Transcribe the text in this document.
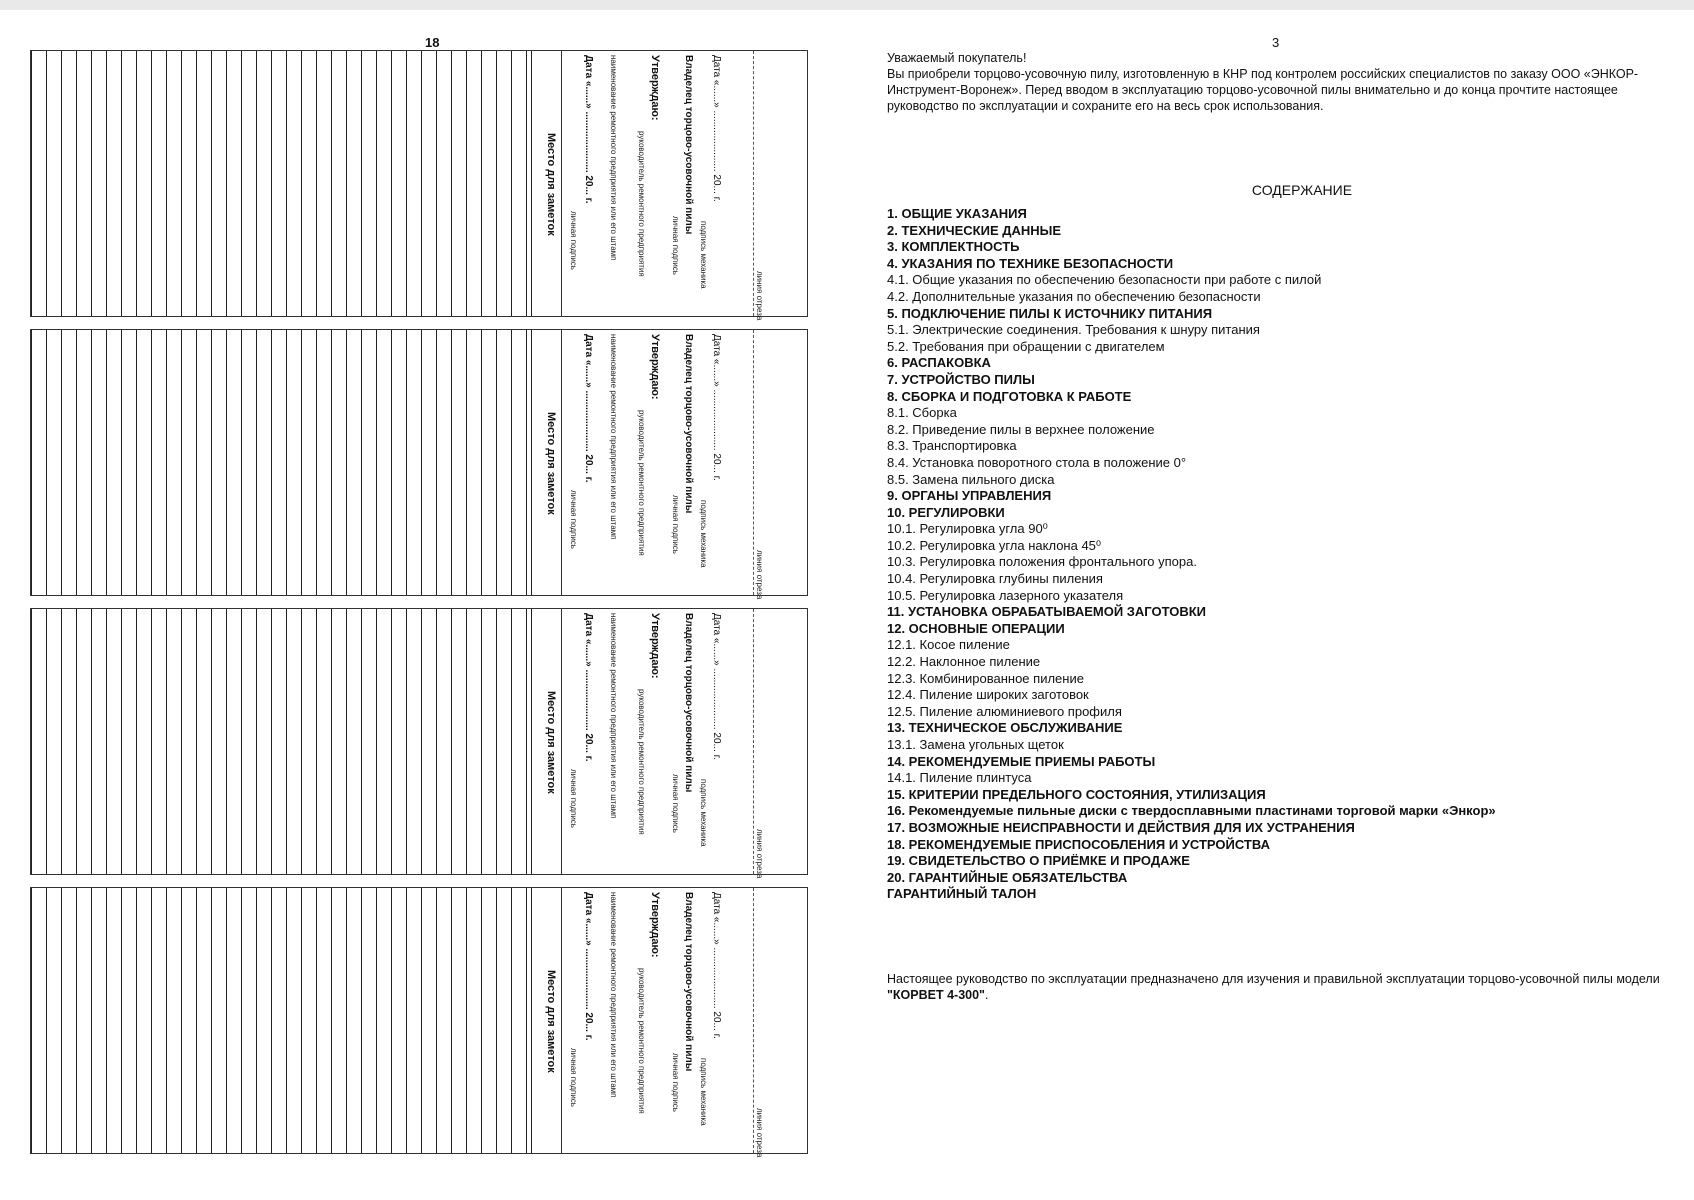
18	3
Место для заметок	Дата «......» ...................... 20... г.
личная подпись	наименование ремонтного предприятия или его штамп руководитель ремонтного предприятия
Утверждаю: Владелец торцово-усовочной пилы
личная подпись
Дата «......» ...................... 20... г.
подпись механика
линия отреза
Место для заметок	Дата «......» ...................... 20... г.
личная подпись	наименование ремонтного предприятия или его штамп руководитель ремонтного предприятия
Утверждаю: Владелец торцово-усовочной пилы
личная подпись
Дата «......» ...................... 20... г.
подпись механика
линия отреза
Место для заметок	Дата «......» ...................... 20... г.
личная подпись	наименование ремонтного предприятия или его штамп руководитель ремонтного предприятия
Утверждаю: Владелец торцово-усовочной пилы
личная подпись
Дата «......» ...................... 20... г.
подпись механика
линия отреза
Место для заметок	Дата «......» ...................... 20... г.
личная подпись	наименование ремонтного предприятия или его штамп руководитель ремонтного предприятия
Утверждаю: Владелец торцово-усовочной пилы
личная подпись
Дата «......» ...................... 20... г.
подпись механика
линия отреза

Уважаемый покупатель!

Вы приобрели торцово-усовочную пилу, изготовленную в КНР под контролем российских специалистов по заказу ООО «ЭНКОР-Инструмент-Воронеж». Перед вводом в эксплуатацию торцово-усовочной пилы внимательно и до конца прочтите настоящее руководство по эксплуатации и сохраните его на весь срок использования.

СОДЕРЖАНИЕ
1. ОБЩИЕ УКАЗАНИЯ
2. ТЕХНИЧЕСКИЕ ДАННЫЕ
3. КОМПЛЕКТНОСТЬ
4. УКАЗАНИЯ ПО ТЕХНИКЕ БЕЗОПАСНОСТИ
4.1. Общие указания по обеспечению безопасности при работе с пилой
4.2. Дополнительные указания по обеспечению безопасности
5. ПОДКЛЮЧЕНИЕ ПИЛЫ К ИСТОЧНИКУ ПИТАНИЯ
5.1. Электрические соединения. Требования к шнуру питания
5.2. Требования при обращении с двигателем
6. РАСПАКОВКА
7. УСТРОЙСТВО ПИЛЫ
8. СБОРКА И ПОДГОТОВКА К РАБОТЕ
8.1. Сборка
8.2. Приведение пилы в верхнее положение
8.3. Транспортировка
8.4. Установка поворотного стола в положение 0°
8.5. Замена пильного диска
9. ОРГАНЫ УПРАВЛЕНИЯ
10. РЕГУЛИРОВКИ
10.1. Регулировка угла 90⁰
10.2. Регулировка угла наклона 45⁰
10.3. Регулировка положения фронтального упора.
10.4. Регулировка глубины пиления
10.5. Регулировка лазерного указателя
11. УСТАНОВКА ОБРАБАТЫВАЕМОЙ ЗАГОТОВКИ
12. ОСНОВНЫЕ ОПЕРАЦИИ
12.1. Косое пиление
12.2. Наклонное пиление
12.3. Комбинированное пиление
12.4. Пиление широких заготовок
12.5. Пиление алюминиевого профиля
13. ТЕХНИЧЕСКОЕ ОБСЛУЖИВАНИЕ
13.1. Замена угольных щеток
14. РЕКОМЕНДУЕМЫЕ ПРИЕМЫ РАБОТЫ
14.1. Пиление плинтуса
15. КРИТЕРИИ ПРЕДЕЛЬНОГО СОСТОЯНИЯ, УТИЛИЗАЦИЯ
16. Рекомендуемые пильные диски с твердосплавными пластинами торговой марки «Энкор»
17. ВОЗМОЖНЫЕ НЕИСПРАВНОСТИ И ДЕЙСТВИЯ ДЛЯ ИХ УСТРАНЕНИЯ
18. РЕКОМЕНДУЕМЫЕ ПРИСПОСОБЛЕНИЯ И УСТРОЙСТВА
19. СВИДЕТЕЛЬСТВО О ПРИЁМКЕ И ПРОДАЖЕ
20. ГАРАНТИЙНЫЕ ОБЯЗАТЕЛЬСТВА
ГАРАНТИЙНЫЙ ТАЛОН

Настоящее руководство по эксплуатации предназначено для изучения и правильной эксплуатации торцово-усовочной пилы модели "КОРВЕТ 4-300".
